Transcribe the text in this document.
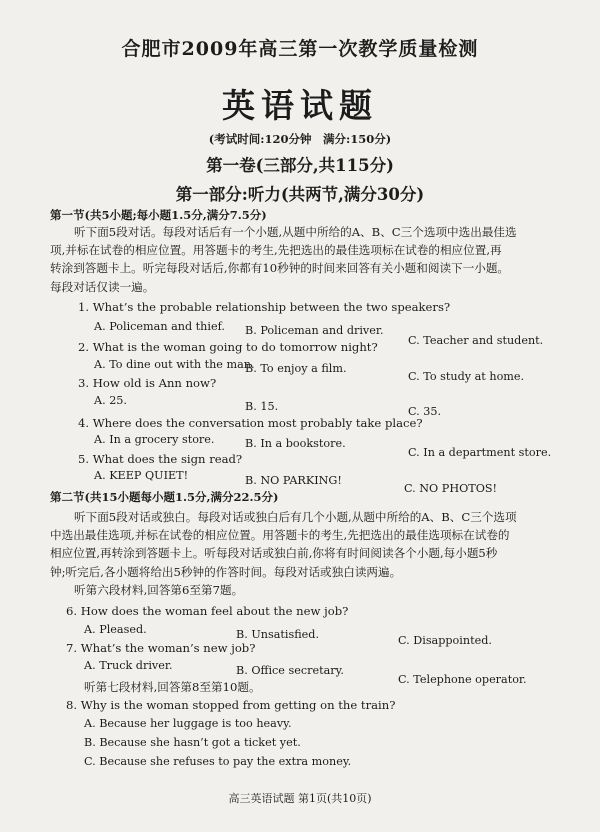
合肥市2009年高三第一次教学质量检测
英语试题
(考试时间:120分钟　满分:150分)
第一卷(三部分,共115分)
第一部分:听力(共两节,满分30分)
第一节(共5小题;每小题1.5分,满分7.5分)
听下面5段对话。每段对话后有一个小题,从题中所给的A、B、C三个选项中选出最佳选
项,并标在试卷的相应位置。用答题卡的考生,先把选出的最佳选项标在试卷的相应位置,再
转涂到答题卡上。听完每段对话后,你都有10秒钟的时间来回答有关小题和阅读下一小题。
每段对话仅读一遍。
1. What’s the probable relationship between the two speakers?
A. Policeman and thief. B. Policeman and driver.
C. Teacher and student.
2. What is the woman going to do tomorrow night?
A. To dine out with the man.
B. To enjoy a film.
C. To study at home.
3. How old is Ann now?
A. 25.	B. 15.	C. 35.
4. Where does the conversation most probably take place?
A. In a grocery store.	B. In a bookstore.
C. In a department store.
5. What does the sign read?
A. KEEP QUIET!	B. NO PARKING!
C. NO PHOTOS!
第二节(共15小题每小题1.5分,满分22.5分)
听下面5段对话或独白。每段对话或独白后有几个小题,从题中所给的A、B、C三个选项
中选出最佳选项,并标在试卷的相应位置。用答题卡的考生,先把选出的最佳选项标在试卷的
相应位置,再转涂到答题卡上。听每段对话或独白前,你将有时间阅读各个小题,每小题5秒
钟;听完后,各小题将给出5秒钟的作答时间。每段对话或独白读两遍。
听第六段材料,回答第6至第7题。
6. How does the woman feel about the new job?
A. Pleased.	B. Unsatisfied.	C. Disappointed.
7. What’s the woman’s new job?
A. Truck driver.	B. Office secretary.
C. Telephone operator.
听第七段材料,回答第8至第10题。
8. Why is the woman stopped from getting on the train?
A. Because her luggage is too heavy.
B. Because she hasn’t got a ticket yet.
C. Because she refuses to pay the extra money.
高三英语试题 第1页(共10页)
